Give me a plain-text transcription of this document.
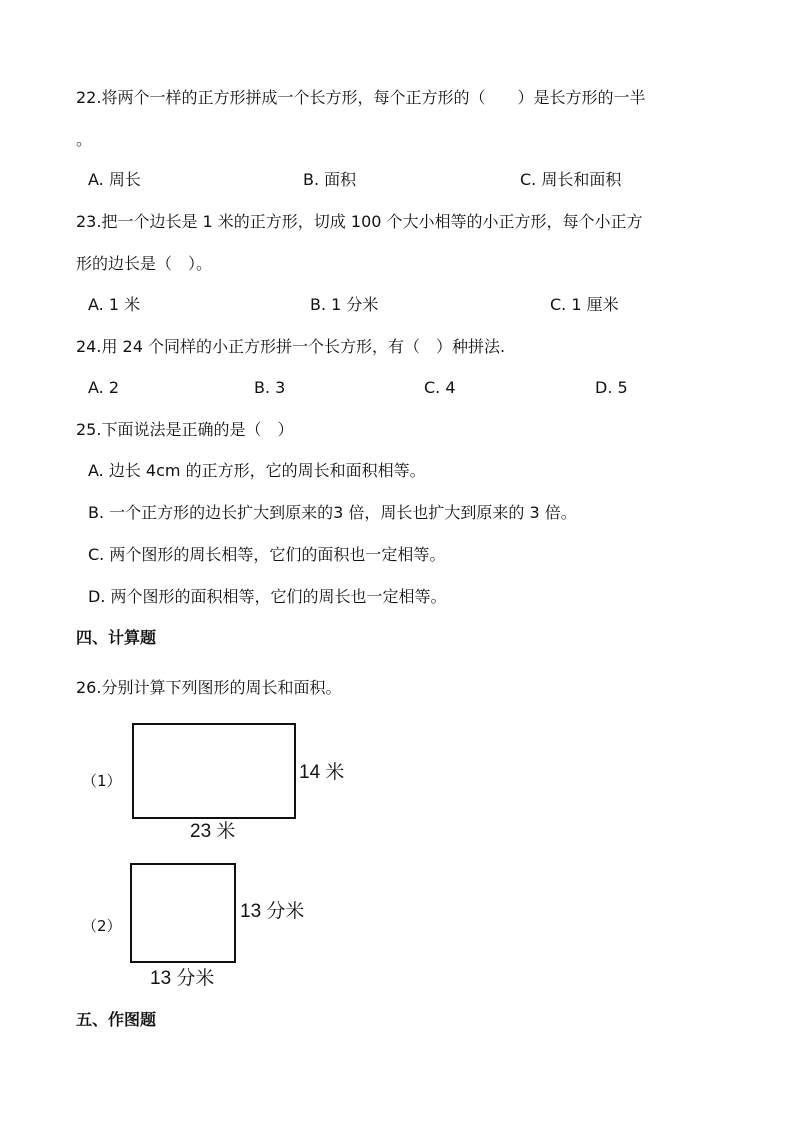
22.将两个一样的正方形拼成一个长方形，每个正方形的（　　）是长方形的一半
。
A. 周长	B. 面积	C. 周长和面积
23.把一个边长是 1 米的正方形，切成 100 个大小相等的小正方形，每个小正方
形的边长是（　）。
A. 1 米	B. 1 分米	C. 1 厘米
24.用 24 个同样的小正方形拼一个长方形，有（　）种拼法.
A. 2	B. 3	C. 4	D. 5
25.下面说法是正确的是（　）
A. 边长 4cm 的正方形，它的周长和面积相等。
B. 一个正方形的边长扩大到原来的3 倍，周长也扩大到原来的 3 倍。
C. 两个图形的周长相等，它们的面积也一定相等。
D. 两个图形的面积相等，它们的周长也一定相等。
四、计算题
26.分别计算下列图形的周长和面积。
（1）	14 米
23 米
（2）
13 分米
13 分米
五、作图题
